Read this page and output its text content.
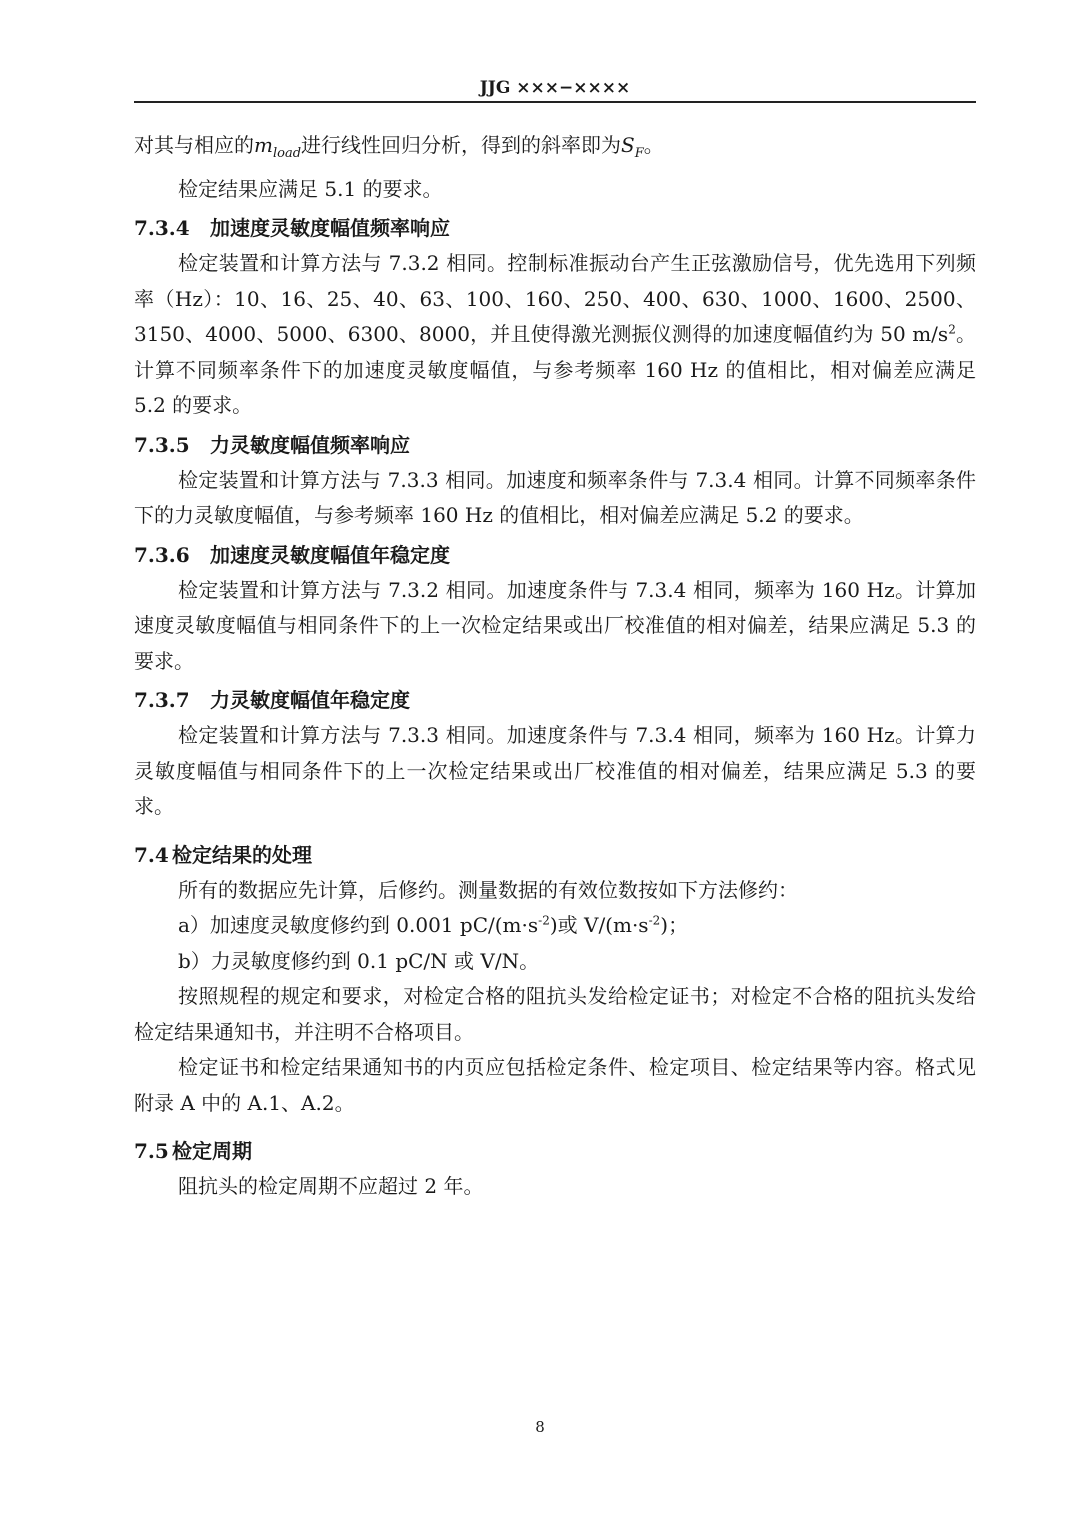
JJG ×××−××××

对其与相应的$m_{load}$进行线性回归分析，得到的斜率即为$S_F$。

检定结果应满足 5.1 的要求。

7.3.4 加速度灵敏度幅值频率响应

检定装置和计算方法与 7.3.2 相同。控制标准振动台产生正弦激励信号，优先选用下列频率（Hz）：10、16、25、40、63、100、160、250、400、630、1000、1600、2500、3150、4000、5000、6300、8000，并且使得激光测振仪测得的加速度幅值约为 50 $m/s^2$。计算不同频率条件下的加速度灵敏度幅值，与参考频率 160 Hz 的值相比，相对偏差应满足 5.2 的要求。

7.3.5 力灵敏度幅值频率响应

检定装置和计算方法与 7.3.3 相同。加速度和频率条件与 7.3.4 相同。计算不同频率条件下的力灵敏度幅值，与参考频率 160 Hz 的值相比，相对偏差应满足 5.2 的要求。

7.3.6 加速度灵敏度幅值年稳定度

检定装置和计算方法与 7.3.2 相同。加速度条件与 7.3.4 相同，频率为 160 Hz。计算加速度灵敏度幅值与相同条件下的上一次检定结果或出厂校准值的相对偏差，结果应满足 5.3 的要求。

7.3.7 力灵敏度幅值年稳定度

检定装置和计算方法与 7.3.3 相同。加速度条件与 7.3.4 相同，频率为 160 Hz。计算力灵敏度幅值与相同条件下的上一次检定结果或出厂校准值的相对偏差，结果应满足 5.3 的要求。

7.4 检定结果的处理

所有的数据应先计算，后修约。测量数据的有效位数按如下方法修约：

a）加速度灵敏度修约到 0.001 $pC/(m\cdot s^{-2})$或 $V/(m\cdot s^{-2})$；

b）力灵敏度修约到 0.1 pC/N 或 V/N。

按照规程的规定和要求，对检定合格的阻抗头发给检定证书；对检定不合格的阻抗头发给检定结果通知书，并注明不合格项目。

检定证书和检定结果通知书的内页应包括检定条件、检定项目、检定结果等内容。格式见附录 A 中的 A.1、A.2。

7.5 检定周期

阻抗头的检定周期不应超过 2 年。

8
